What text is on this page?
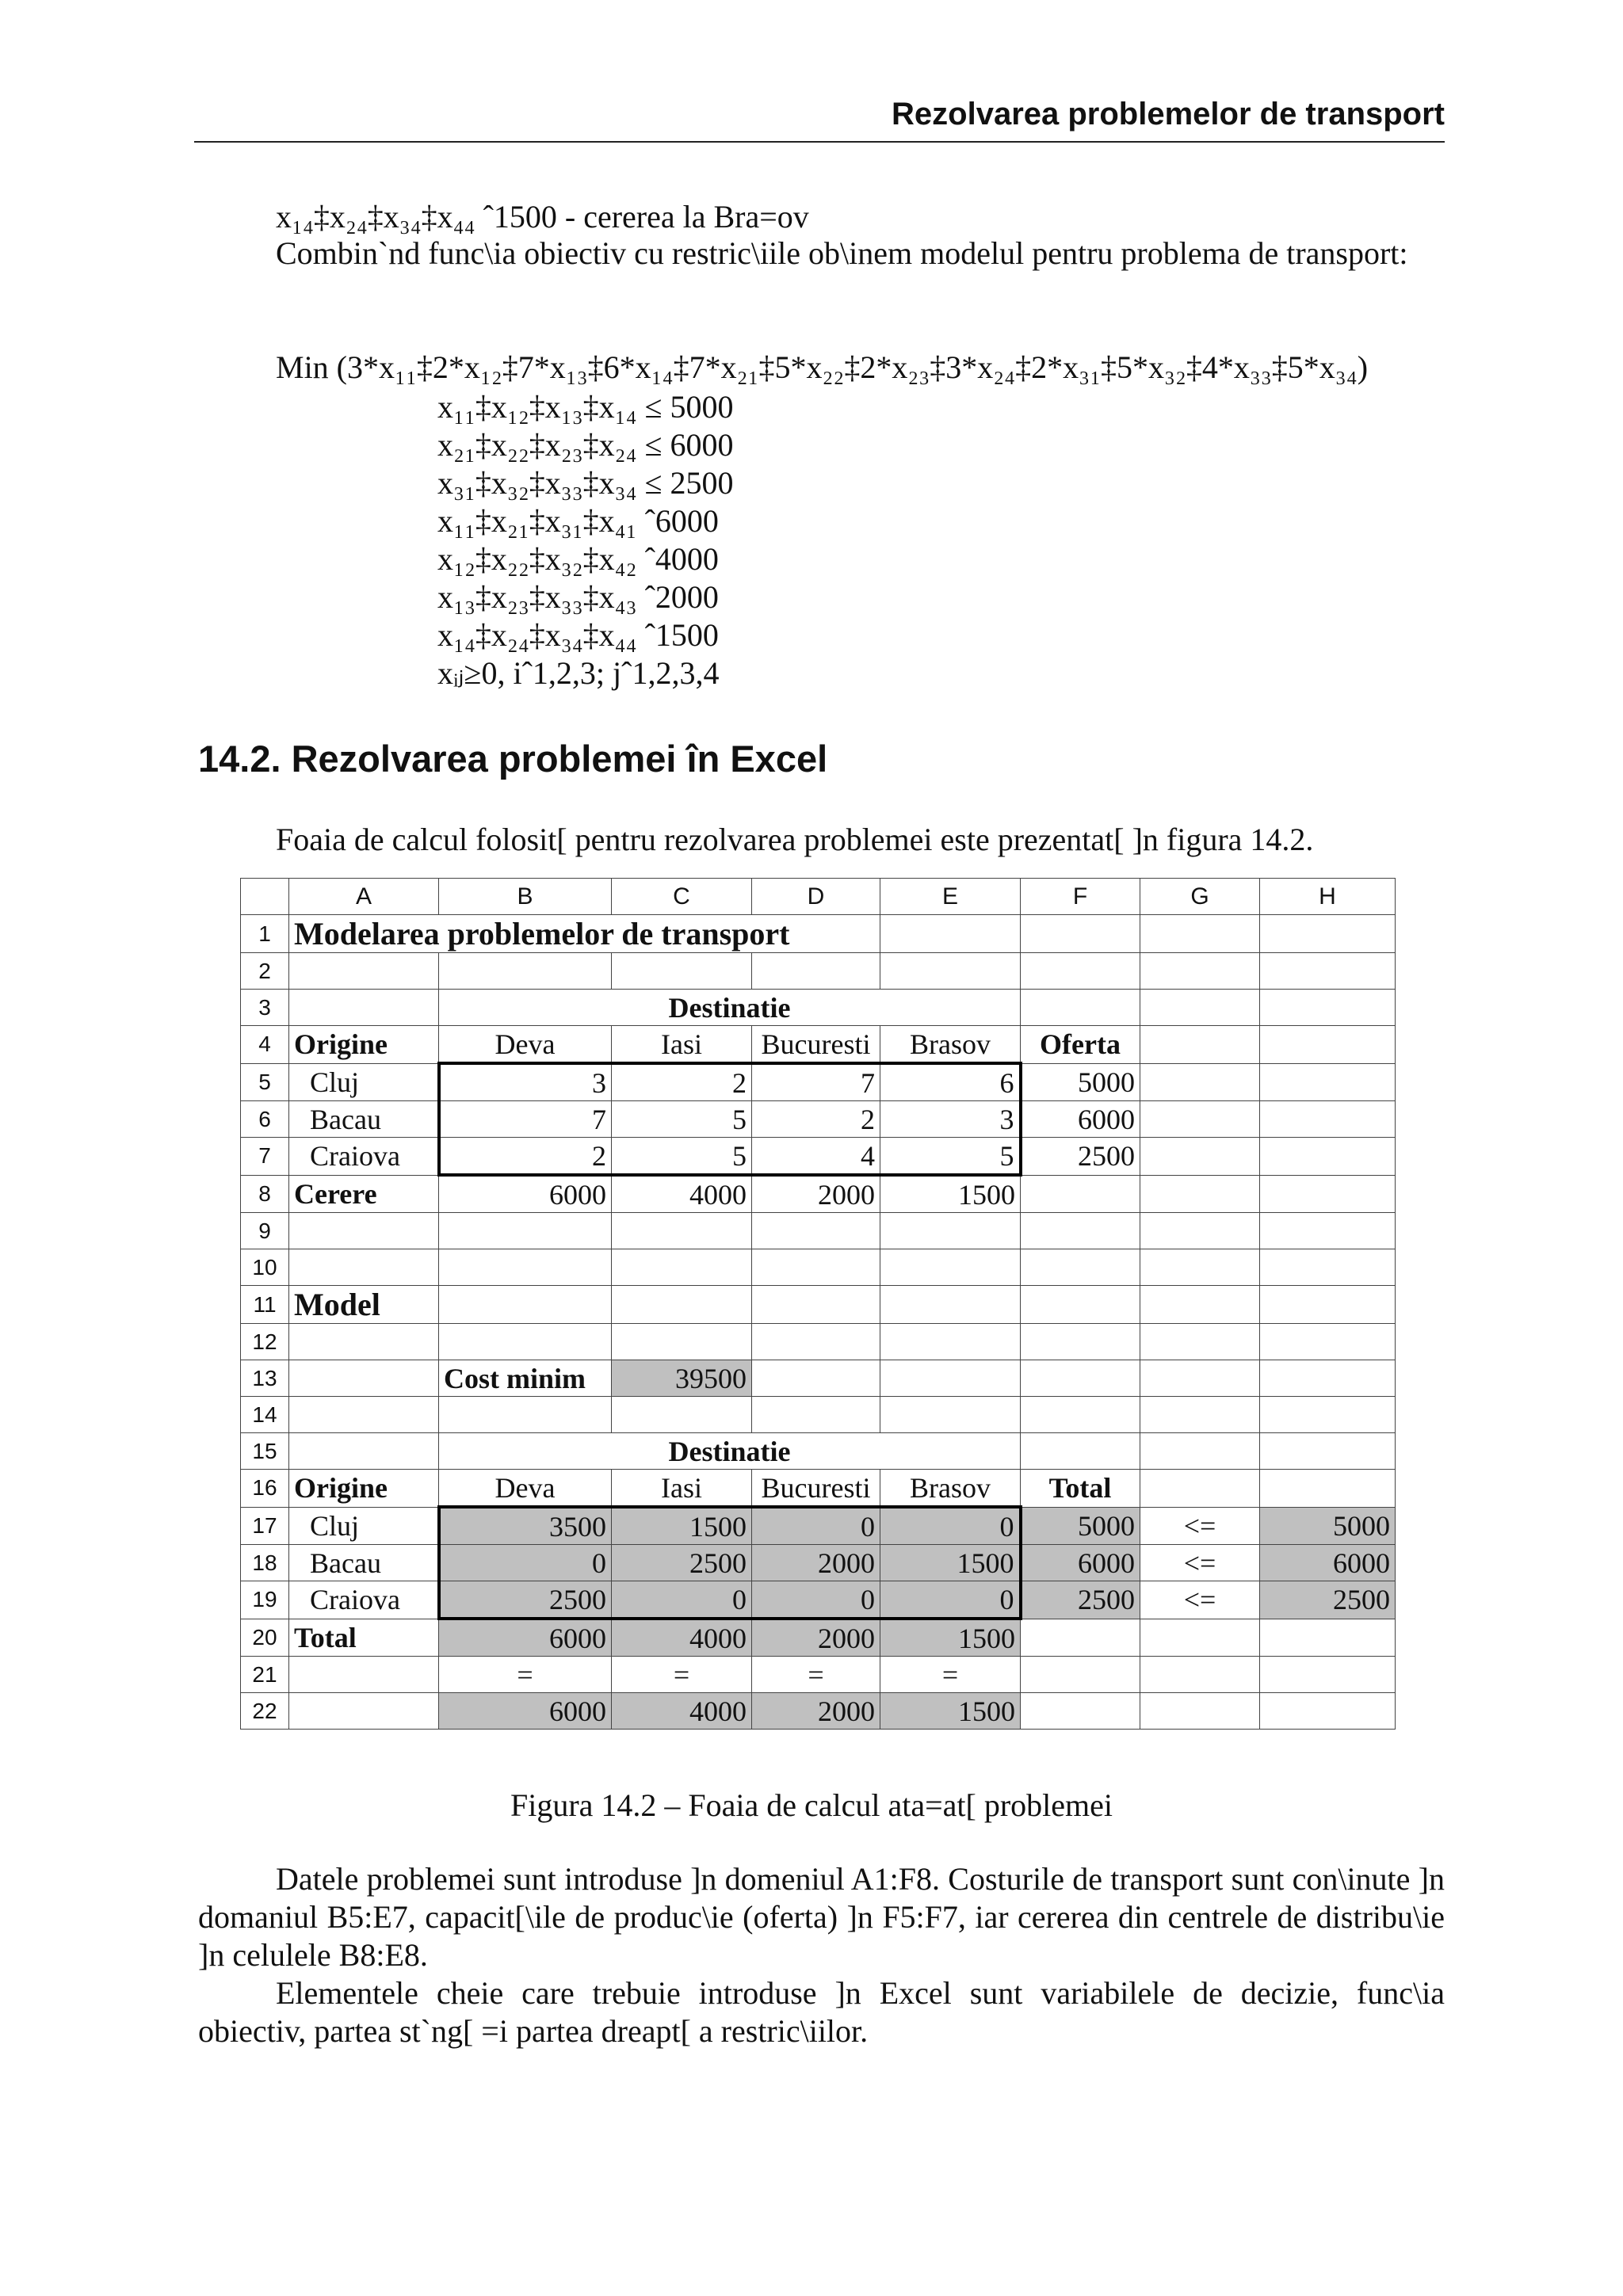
Rezolvarea problemelor de transport
x₁₄‡x₂₄‡x₃₄‡x₄₄ ˆ1500 - cererea la Bra=ov
Combin`nd func\ia obiectiv cu restric\iile ob\inem modelul pentru problema de transport:
Min (3*x₁₁‡2*x₁₂‡7*x₁₃‡6*x₁₄‡7*x₂₁‡5*x₂₂‡2*x₂₃‡3*x₂₄‡2*x₃₁‡5*x₃₂‡4*x₃₃‡5*x₃₄)
x₁₁‡x₁₂‡x₁₃‡x₁₄ ≤ 5000
x₂₁‡x₂₂‡x₂₃‡x₂₄ ≤ 6000
x₃₁‡x₃₂‡x₃₃‡x₃₄ ≤ 2500
x₁₁‡x₂₁‡x₃₁‡x₄₁ ˆ6000
x₁₂‡x₂₂‡x₃₂‡x₄₂ ˆ4000
x₁₃‡x₂₃‡x₃₃‡x₄₃ ˆ2000
x₁₄‡x₂₄‡x₃₄‡x₄₄ ˆ1500
xᵢⱼ≥0, iˆ1,2,3; jˆ1,2,3,4
14.2. Rezolvarea problemei în Excel
Foaia de calcul folosit[ pentru rezolvarea problemei este prezentat[ ]n figura 14.2.
	A	B	C	D	E	F	G	H
1	Modelarea problemelor de transport							
2								
3		Destinatie						
4	Origine	Deva	Iasi	Bucuresti	Brasov	Oferta		
5	Cluj	3	2	7	6	5000		
6	Bacau	7	5	2	3	6000		
7	Craiova	2	5	4	5	2500		
8	Cerere	6000	4000	2000	1500			
9								
10								
11	Model							
12								
13		Cost minim	39500					
14								
15		Destinatie						
16	Origine	Deva	Iasi	Bucuresti	Brasov	Total		
17	Cluj	3500	1500	0	0	5000	<=	5000
18	Bacau	0	2500	2000	1500	6000	<=	6000
19	Craiova	2500	0	0	0	2500	<=	2500
20	Total	6000	4000	2000	1500			
21		=	=	=	=			
22		6000	4000	2000	1500			
Figura 14.2 – Foaia de calcul ata=at[ problemei
Datele problemei sunt introduse ]n domeniul A1:F8. Costurile de transport sunt con\inute ]n domaniul B5:E7, capacit[\ile de produc\ie (oferta) ]n F5:F7, iar cererea din centrele de distribu\ie ]n celulele B8:E8.
Elementele cheie care trebuie introduse ]n Excel sunt variabilele de decizie, func\ia obiectiv, partea st`ng[ =i partea dreapt[ a restric\iilor.
